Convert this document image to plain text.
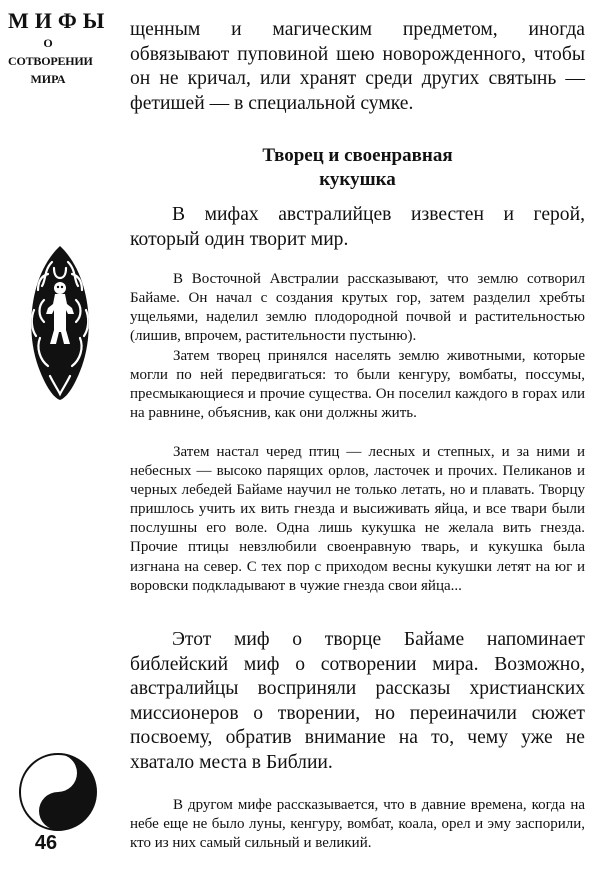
МИФЫ
О СОТВОРЕНИИ
МИРА
46

щенным и магическим предметом, иногда обвязывают пуповиной шею новорожденного, чтобы он не кричал, или хранят среди других святынь — фетишей — в специальной сумке.

Творец и своенравная
кукушка

В мифах австралийцев известен и герой, который один творит мир.

В Восточной Австралии рассказывают, что землю сотворил Байаме. Он начал с создания крутых гор, затем разделил хребты ущельями, наделил землю плодородной почвой и растительностью (лишив, впрочем, растительности пустыню).

Затем творец принялся населять землю животными, которые могли по ней передвигаться: то были кенгуру, вомбаты, поссумы, пресмыкающиеся и прочие существа. Он поселил каждого в горах или на равнине, объяснив, как они должны жить.

Затем настал черед птиц — лесных и степных, и за ними и небесных — высоко парящих орлов, ласточек и прочих. Пеликанов и черных лебедей Байаме научил не только летать, но и плавать. Творцу пришлось учить их вить гнезда и высиживать яйца, и все твари были послушны его воле. Одна лишь кукушка не желала вить гнезда. Прочие птицы невзлюбили своенравную тварь, и кукушка была изгнана на север. С тех пор с приходом весны кукушки летят на юг и воровски подкладывают в чужие гнезда свои яйца...

Этот миф о творце Байаме напоминает библейский миф о сотворении мира. Возможно, австралийцы восприняли рассказы христианских миссионеров о творении, но переиначили сюжет посвоему, обратив внимание на то, чему уже не хватало места в Библии.

В другом мифе рассказывается, что в давние времена, когда на небе еще не было луны, кенгуру, вомбат, коала, орел и эму заспорили, кто из них самый сильный и великий.
